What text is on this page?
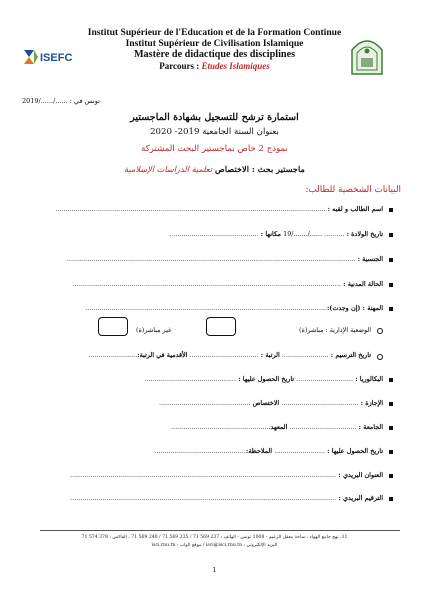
Institut Supérieur de l'Education et de la Formation Continue
Institut Supérieur de Civilisation Islamique
Mastère de didactique des disciplines
Parcours : Etudes Islamiques
ISEFC
تونس في : ....../....../2019
استمارة ترشح للتسجيل بشهادة الماجستير
بعنوان السنة الجامعية 2019- 2020
نموذج 2 خاص بماجستير البحث المشتركة
ماجستير بحث : الاختصاص تعلمية الدراسات الإسلامية
البيانات الشخصية للطالب:
اسم الطالب و لقبه : .....................................................................................................................................
تاريخ الولادة : .......... ....../......./19 مكانها : ............................................
الجنسية : ..............................................................................................................................................
الحالة المدنية : ....................................................................................................................................
المهنة : (إن وجدت):.......................................................................................................................
الوضعية الإدارية : مباشر(ة)
غير مباشر(ة)
تاريخ الترسيم : ....................... الرتبة : .................................. الأقدمية في الرتبة:........................
البكالوريا : ............................ تاريخ الحصول عليها : .............................................
الإجازة : ...................................... الاختصاص .............................................
الجامعة : ................................. المعهد.................................................
تاريخ الحصول عليها : ......................... الملاحظة:.............................................
العنوان البريدي : ...................................................................................................................................
الترقيم البريدي : ...................................................................................................................................
11، نهج جامع الهواء ، ساحة معقل الزعيم - 1008 تونس - الهاتف : 237 569 71 / 235 569 71 / 240 569 71 ، الفاكس : 378 574 71
البريد الإلكتروني : isci@isci.rnu.tn / موقع الواب : isci.rnu.tn
1
